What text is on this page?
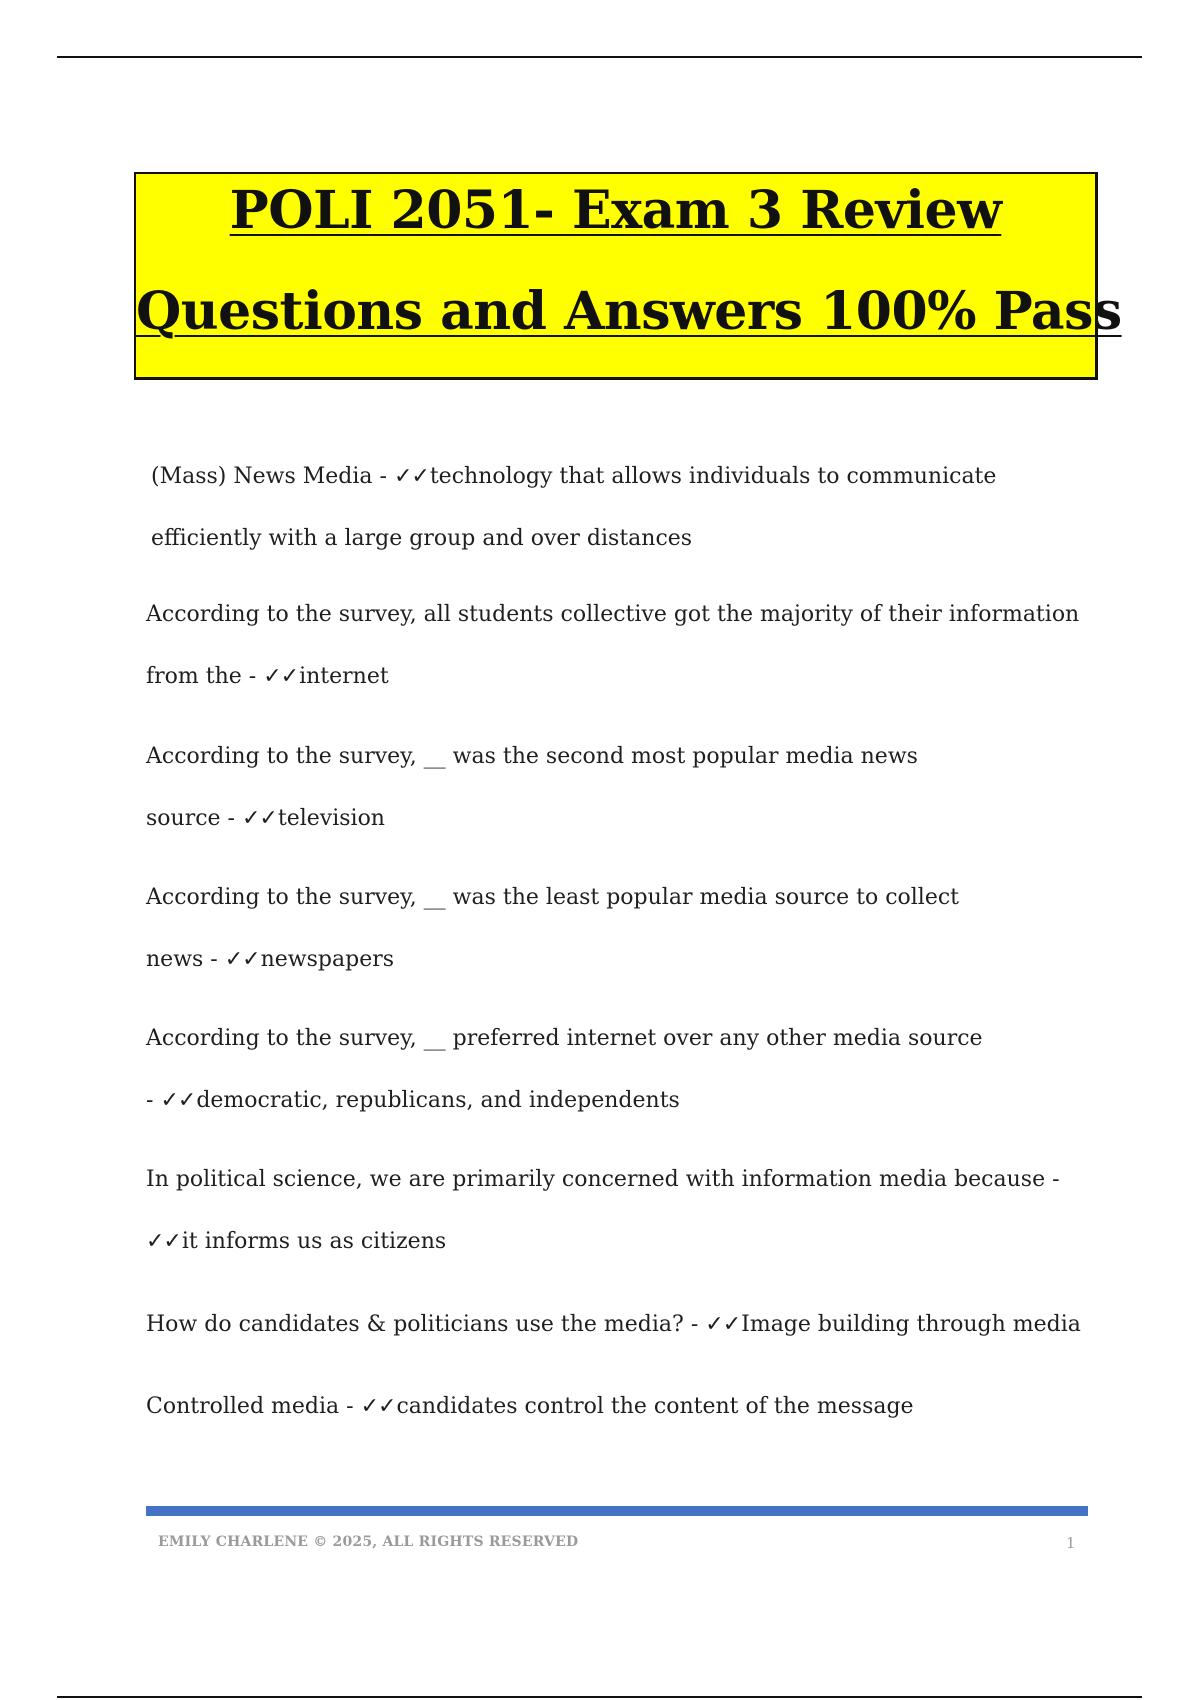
POLI 2051- Exam 3 Review
Questions and Answers 100% Pass

(Mass) News Media - ✓✓technology that allows individuals to communicate efficiently with a large group and over distances

According to the survey, all students collective got the majority of their information from the - ✓✓internet

According to the survey, __ was the second most popular media news source - ✓✓television

According to the survey, __ was the least popular media source to collect news - ✓✓newspapers

According to the survey, __ preferred internet over any other media source - ✓✓democratic, republicans, and independents

In political science, we are primarily concerned with information media because - ✓✓it informs us as citizens

How do candidates & politicians use the media? - ✓✓Image building through media

Controlled media - ✓✓candidates control the content of the message

EMILY CHARLENE © 2025, ALL RIGHTS RESERVED	1
